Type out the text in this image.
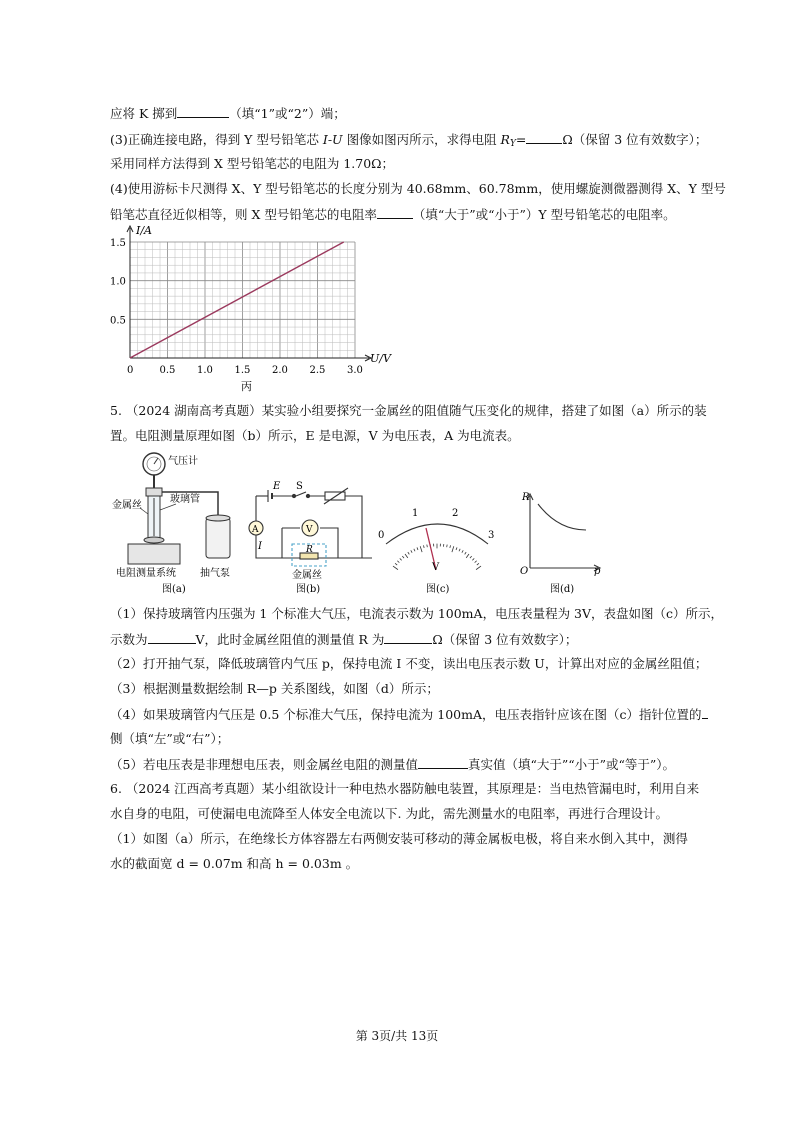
应将 K 掷到	（填“1”或“2”）端；
(3)正确连接电路，得到 Y 型号铅笔芯 I-U 图像如图丙所示，求得电阻 $R_Y=$	Ω（保留 3 位有效数字）；
采用同样方法得到 X 型号铅笔芯的电阻为 1.70Ω；
(4)使用游标卡尺测得 X、Y 型号铅笔芯的长度分别为 40.68mm、60.78mm，使用螺旋测微器测得 X、Y 型号
铅笔芯直径近似相等，则 X 型号铅笔芯的电阻率	（填“大于”或“小于”）Y 型号铅笔芯的电阻率。
0	0.5 1.0 1.5 2.0 2.5 3.0
0.5
1.0
1.5
I/A
U/V
丙
5. （2024 湖南高考真题）某实验小组要探究一金属丝的阻值随气压变化的规律，搭建了如图（a）所示的装
置。电阻测量原理如图（b）所示，E 是电源，V 为电压表，A 为电流表。
气压计
玻璃管
金属丝
电阻测量系统 抽气泵
图(a)
E S
A	V
I	R
金属丝
图(b)
0
1	2
3
V
图(c)
R
O	p
图(d)
（1）保持玻璃管内压强为 1 个标准大气压，电流表示数为 100mA，电压表量程为 3V，表盘如图（c）所示，
示数为	V，此时金属丝阻值的测量值 R 为	Ω（保留 3 位有效数字）；
（2）打开抽气泵，降低玻璃管内气压 p，保持电流 I 不变，读出电压表示数 U，计算出对应的金属丝阻值；
（3）根据测量数据绘制 R—p 关系图线，如图（d）所示；
（4）如果玻璃管内气压是 0.5 个标准大气压，保持电流为 100mA，电压表指针应该在图（c）指针位置的
侧（填“左”或“右”）；
（5）若电压表是非理想电压表，则金属丝电阻的测量值	真实值（填“大于”“小于”或“等于”）。
6. （2024 江西高考真题）某小组欲设计一种电热水器防触电装置，其原理是：当电热管漏电时，利用自来
水自身的电阻，可使漏电电流降至人体安全电流以下. 为此，需先测量水的电阻率，再进行合理设计。
（1）如图（a）所示，在绝缘长方体容器左右两侧安装可移动的薄金属板电极，将自来水倒入其中，测得
水的截面宽 d = 0.07m 和高 h = 0.03m 。
第 3页/共 13页
